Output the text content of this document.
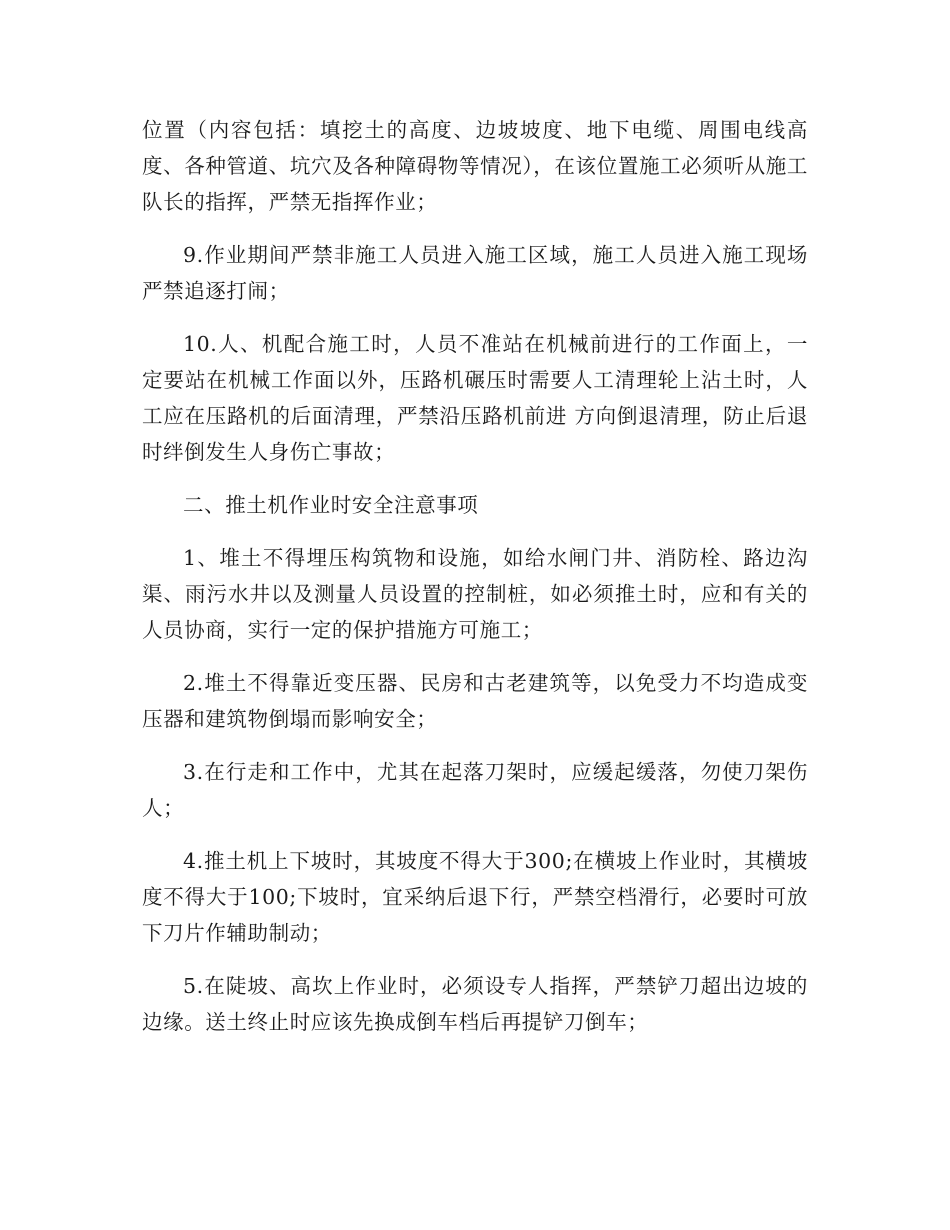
位置（内容包括：填挖土的高度、边坡坡度、地下电缆、周围电线高度、各种管道、坑穴及各种障碍物等情况），在该位置施工必须听从施工队长的指挥，严禁无指挥作业；

9.作业期间严禁非施工人员进入施工区域，施工人员进入施工现场严禁追逐打闹；

10.人、机配合施工时，人员不准站在机械前进行的工作面上，一定要站在机械工作面以外，压路机碾压时需要人工清理轮上沾土时，人工应在压路机的后面清理，严禁沿压路机前进 方向倒退清理，防止后退时绊倒发生人身伤亡事故；

二、推土机作业时安全注意事项

1、堆土不得埋压构筑物和设施，如给水闸门井、消防栓、路边沟渠、雨污水井以及测量人员设置的控制桩，如必须推土时，应和有关的人员协商，实行一定的保护措施方可施工；

2.堆土不得靠近变压器、民房和古老建筑等，以免受力不均造成变压器和建筑物倒塌而影响安全；

3.在行走和工作中，尤其在起落刀架时，应缓起缓落，勿使刀架伤人；

4.推土机上下坡时，其坡度不得大于300;在横坡上作业时，其横坡度不得大于100;下坡时，宜采纳后退下行，严禁空档滑行，必要时可放下刀片作辅助制动；

5.在陡坡、高坎上作业时，必须设专人指挥，严禁铲刀超出边坡的边缘。送土终止时应该先换成倒车档后再提铲刀倒车；
